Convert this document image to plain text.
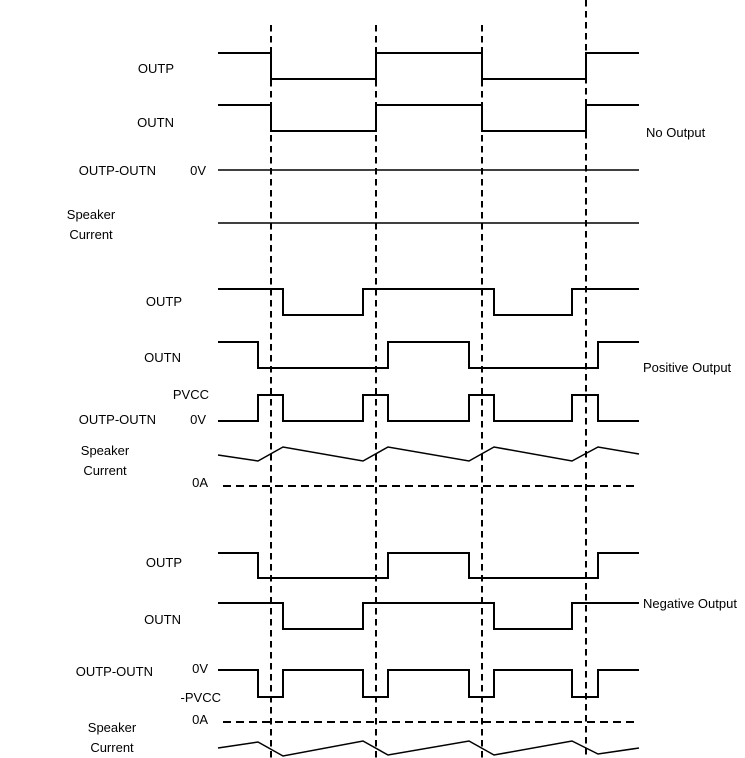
OUTP
OUTN
OUTP-OUTN	0V
Speaker
Current
No Output
OUTP
OUTN
PVCC
OUTP-OUTN	0V
Speaker
Current
0A
Positive Output
OUTP
OUTN
0V
OUTP-OUTN
-PVCC
0A
Speaker
Current
Negative Output
